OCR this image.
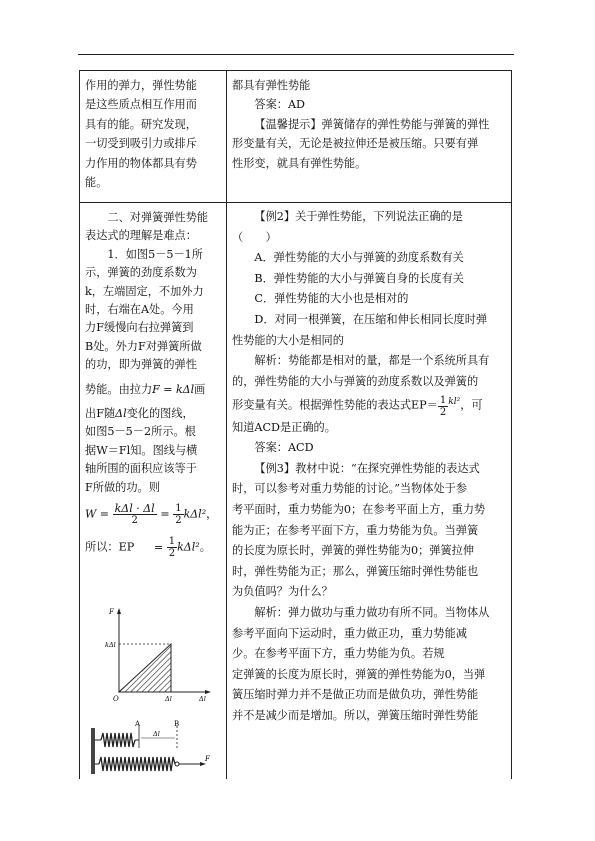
作用的弹力，弹性势能

是这些质点相互作用而

具有的能。研究发现，

一切受到吸引力或排斥

力作用的物体都具有势

能。

都具有弹性势能

答案：AD

【温馨提示】弹簧储存的弹性势能与弹簧的弹性

形变量有关，无论是被拉伸还是被压缩。只要有弹

性形变，就具有弹性势能。

二、对弹簧弹性势能

表达式的理解是难点：

1．如图5－5－1所

示，弹簧的劲度系数为

k，左端固定，不加外力

时，右端在A处。今用

力F缓慢向右拉弹簧到

B处。外力F对弹簧所做

的功，即为弹簧的弹性

势能。由拉力F = kΔl画

出F随Δl变化的图线，

如图5－5－2所示。根

据W＝Fl知。图线与横

轴所围的面积应该等于

F所做的功。则

$W = \frac{\text{kΔl · Δl}}{2} = \frac{1}{2} k\Delta l^2$，

所以：EP = $\frac{1}{2} k\Delta l^2$。

F
kΔl
O	Δl	Δl
A	B
Δl
F

【例2】关于弹性势能，下列说法正确的是

（　　）

A．弹性势能的大小与弹簧的劲度系数有关

B．弹性势能的大小与弹簧自身的长度有关

C．弹性势能的大小也是相对的

D．对同一根弹簧，在压缩和伸长相同长度时弹

性势能的大小是相同的

解析：势能都是相对的量，都是一个系统所具有

的，弹性势能的大小与弹簧的劲度系数以及弹簧的

形变量有关。根据弹性势能的表达式$EP= \frac{1}{2} ^{kl^2}$，可

知道ACD是正确的。

答案：ACD

【例3】教材中说：“在探究弹性势能的表达式

时，可以参考对重力势能的讨论。”当物体处于参

考平面时，重力势能为0；在参考平面上方，重力势

能为正；在参考平面下方，重力势能为负。当弹簧

的长度为原长时，弹簧的弹性势能为0；弹簧拉伸

时，弹性势能为正；那么，弹簧压缩时弹性势能也

为负值吗？为什么？

解析：弹力做功与重力做功有所不同。当物体从

参考平面向下运动时，重力做正功，重力势能减

少。在参考平面下方，重力势能为负。若规

定弹簧的长度为原长时，弹簧的弹性势能为0，当弹

簧压缩时弹力并不是做正功而是做负功，弹性势能

并不是减少而是增加。所以，弹簧压缩时弹性势能
